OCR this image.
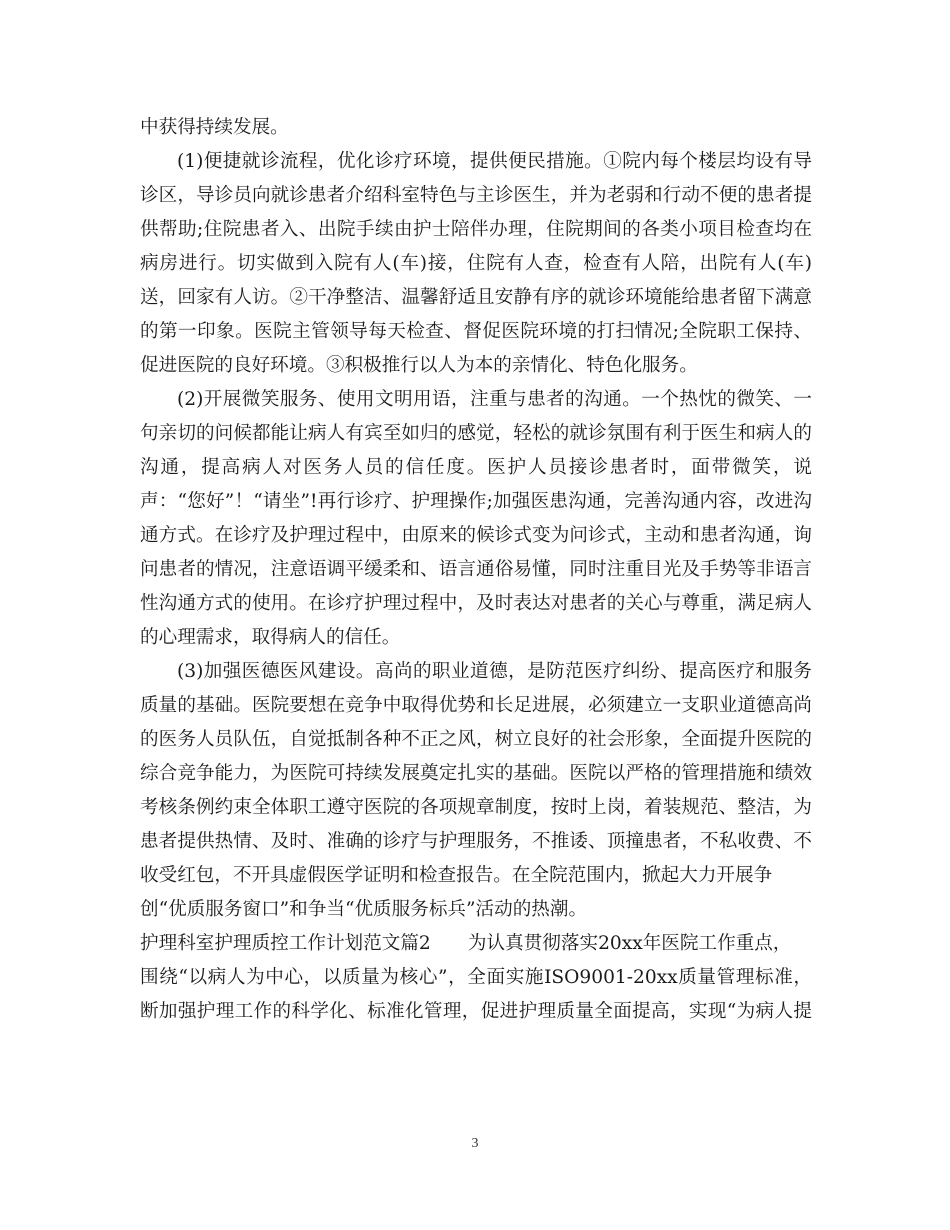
中获得持续发展。
(1)便捷就诊流程，优化诊疗环境，提供便民措施。①院内每个楼层均设有导
诊区，导诊员向就诊患者介绍科室特色与主诊医生，并为老弱和行动不便的患者提
供帮助;住院患者入、出院手续由护士陪伴办理，住院期间的各类小项目检查均在
病房进行。切实做到入院有人(车)接，住院有人查，检查有人陪，出院有人(车)
送，回家有人访。②干净整洁、温馨舒适且安静有序的就诊环境能给患者留下满意
的第一印象。医院主管领导每天检查、督促医院环境的打扫情况;全院职工保持、
促进医院的良好环境。③积极推行以人为本的亲情化、特色化服务。
(2)开展微笑服务、使用文明用语，注重与患者的沟通。一个热忱的微笑、一
句亲切的问候都能让病人有宾至如归的感觉，轻松的就诊氛围有利于医生和病人的
沟通，提高病人对医务人员的信任度。医护人员接诊患者时，面带微笑，说
声：“您好”！“请坐”!再行诊疗、护理操作;加强医患沟通，完善沟通内容，改进沟
通方式。在诊疗及护理过程中，由原来的候诊式变为问诊式，主动和患者沟通，询
问患者的情况，注意语调平缓柔和、语言通俗易懂，同时注重目光及手势等非语言
性沟通方式的使用。在诊疗护理过程中，及时表达对患者的关心与尊重，满足病人
的心理需求，取得病人的信任。
(3)加强医德医风建设。高尚的职业道德，是防范医疗纠纷、提高医疗和服务
质量的基础。医院要想在竞争中取得优势和长足进展，必须建立一支职业道德高尚
的医务人员队伍，自觉抵制各种不正之风，树立良好的社会形象，全面提升医院的
综合竞争能力，为医院可持续发展奠定扎实的基础。医院以严格的管理措施和绩效
考核条例约束全体职工遵守医院的各项规章制度，按时上岗，着装规范、整洁，为
患者提供热情、及时、准确的诊疗与护理服务，不推诿、顶撞患者，不私收费、不
收受红包，不开具虚假医学证明和检查报告。在全院范围内，掀起大力开展争
创“优质服务窗口”和争当“优质服务标兵”活动的热潮。
护理科室护理质控工作计划范文篇2　　为认真贯彻落实20xx年医院工作重点，
围绕“以病人为中心，以质量为核心”，全面实施ISO9001-20xx质量管理标准，
断加强护理工作的科学化、标准化管理，促进护理质量全面提高，实现“为病人提
3
